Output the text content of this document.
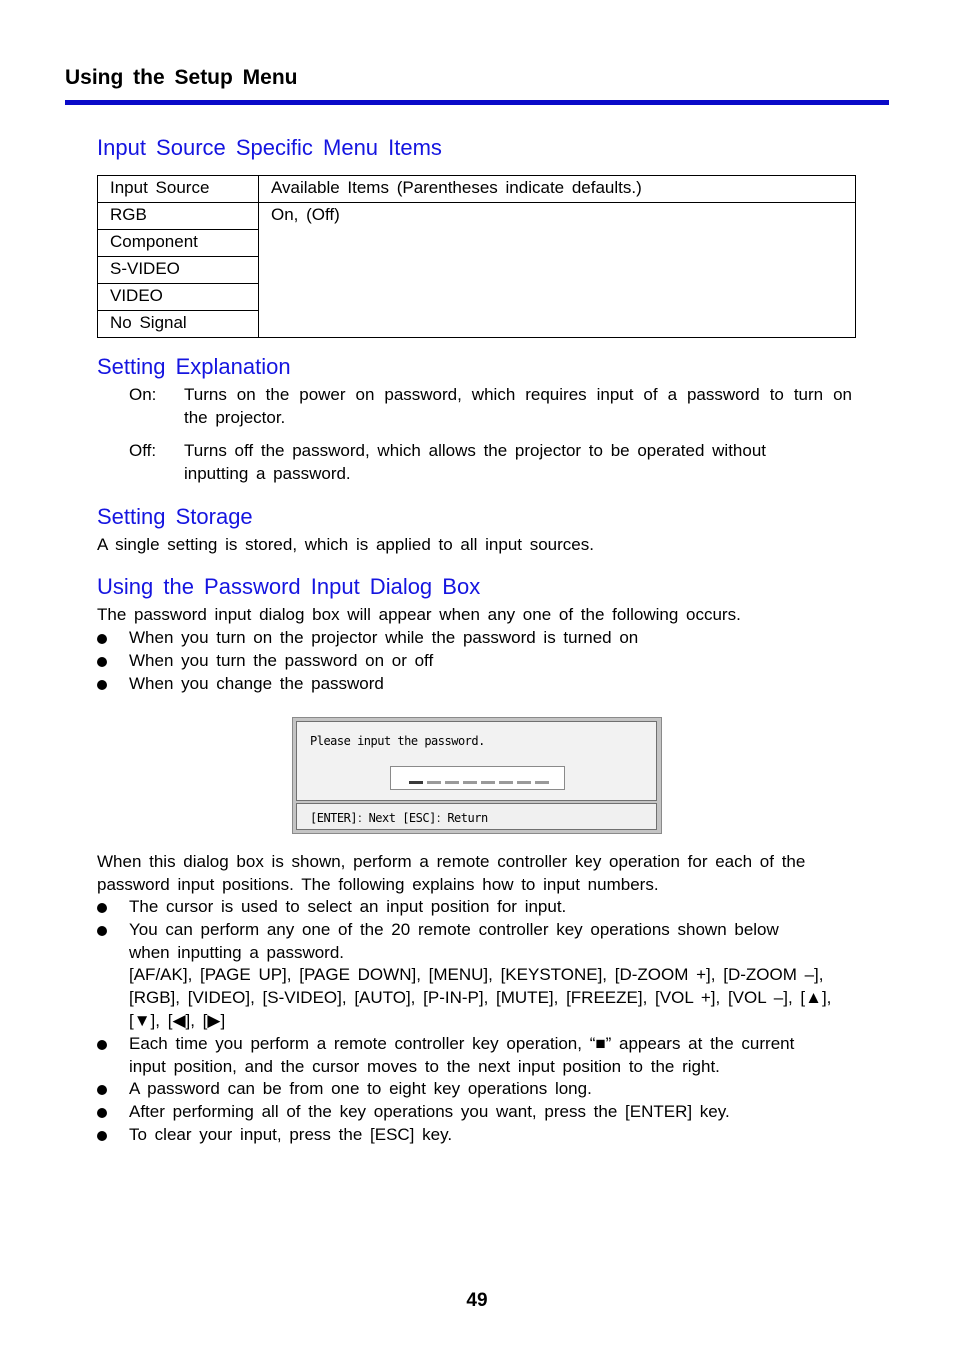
Using the Setup Menu
Input Source Specific Menu Items
Input Source	Available Items (Parentheses indicate defaults.)
RGB	On, (Off)
Component	
S-VIDEO	
VIDEO	
No Signal	
Setting Explanation
On:	Turns on the power on password, which requires input of a password to turn on the projector.
Off:	Turns off the password, which allows the projector to be operated without inputting a password.
Setting Storage
A single setting is stored, which is applied to all input sources.
Using the Password Input Dialog Box
The password input dialog box will appear when any one of the following occurs.
When you turn on the projector while the password is turned on
When you turn the password on or off
When you change the password
Please input the password.
[ENTER]：Next [ESC]：Return
When this dialog box is shown, perform a remote controller key operation for each of the password input positions. The following explains how to input numbers.
The cursor is used to select an input position for input.
You can perform any one of the 20 remote controller key operations shown below when inputting a password.
[AF/AK], [PAGE UP], [PAGE DOWN], [MENU], [KEYSTONE], [D-ZOOM +], [D-ZOOM –], [RGB], [VIDEO], [S-VIDEO], [AUTO], [P-IN-P], [MUTE], [FREEZE], [VOL +], [VOL –], [▲], [▼], [◀], [▶]
Each time you perform a remote controller key operation, “■” appears at the current input position, and the cursor moves to the next input position to the right.
A password can be from one to eight key operations long.
After performing all of the key operations you want, press the [ENTER] key.
To clear your input, press the [ESC] key.
49
